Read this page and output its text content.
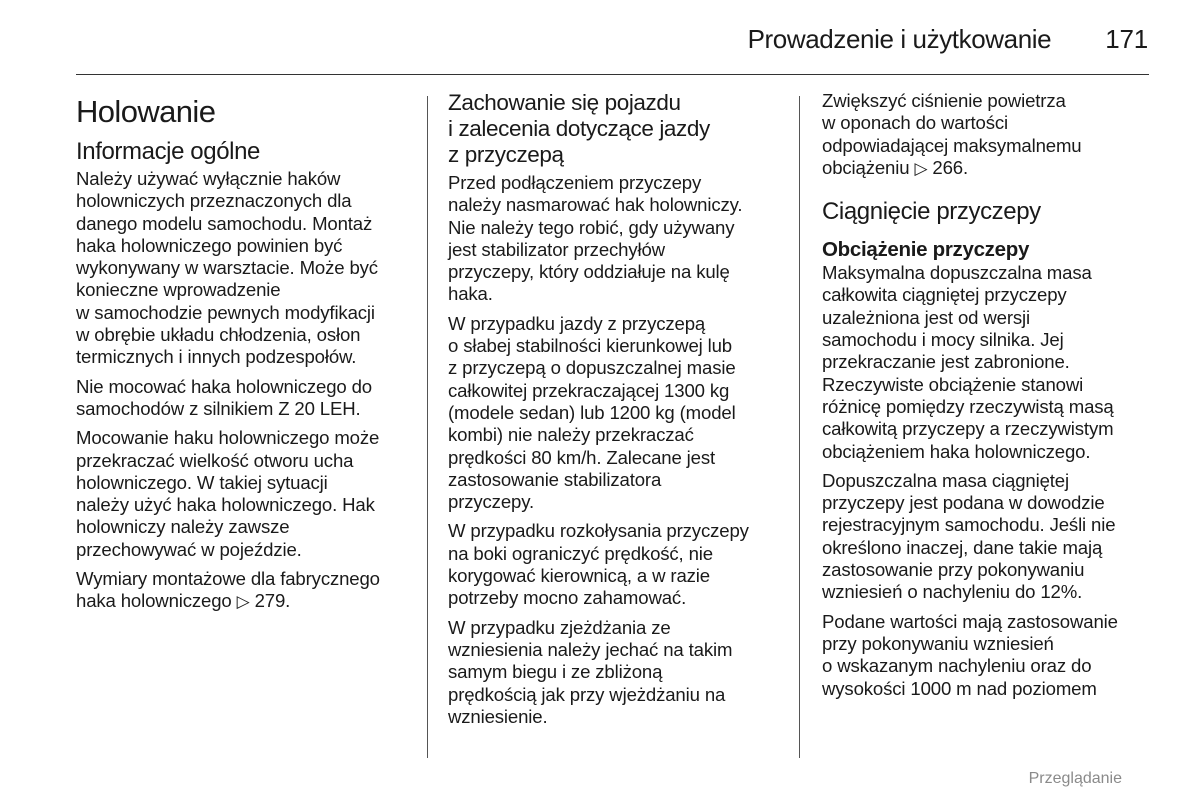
Prowadzenie i użytkowanie 171
Holowanie
Informacje ogólne
Należy używać wyłącznie haków
holowniczych przeznaczonych dla
danego modelu samochodu. Montaż
haka holowniczego powinien być
wykonywany w warsztacie. Może być
konieczne wprowadzenie
w samochodzie pewnych modyfikacji
w obrębie układu chłodzenia, osłon
termicznych i innych podzespołów.
Nie mocować haka holowniczego do
samochodów z silnikiem Z 20 LEH.
Mocowanie haku holowniczego może
przekraczać wielkość otworu ucha
holowniczego. W takiej sytuacji
należy użyć haka holowniczego. Hak
holowniczy należy zawsze
przechowywać w pojeździe.
Wymiary montażowe dla fabrycznego
haka holowniczego ▷ 279.
Zachowanie się pojazdu
i zalecenia dotyczące jazdy
z przyczepą
Przed podłączeniem przyczepy
należy nasmarować hak holowniczy.
Nie należy tego robić, gdy używany
jest stabilizator przechyłów
przyczepy, który oddziałuje na kulę
haka.
W przypadku jazdy z przyczepą
o słabej stabilności kierunkowej lub
z przyczepą o dopuszczalnej masie
całkowitej przekraczającej 1300 kg
(modele sedan) lub 1200 kg (model
kombi) nie należy przekraczać
prędkości 80 km/h. Zalecane jest
zastosowanie stabilizatora
przyczepy.
W przypadku rozkołysania przyczepy
na boki ograniczyć prędkość, nie
korygować kierownicą, a w razie
potrzeby mocno zahamować.
W przypadku zjeżdżania ze
wzniesienia należy jechać na takim
samym biegu i ze zbliżoną
prędkością jak przy wjeżdżaniu na
wzniesienie.
Zwiększyć ciśnienie powietrza
w oponach do wartości
odpowiadającej maksymalnemu
obciążeniu ▷ 266.
Ciągnięcie przyczepy
Obciążenie przyczepy
Maksymalna dopuszczalna masa
całkowita ciągniętej przyczepy
uzależniona jest od wersji
samochodu i mocy silnika. Jej
przekraczanie jest zabronione.
Rzeczywiste obciążenie stanowi
różnicę pomiędzy rzeczywistą masą
całkowitą przyczepy a rzeczywistym
obciążeniem haka holowniczego.
Dopuszczalna masa ciągniętej
przyczepy jest podana w dowodzie
rejestracyjnym samochodu. Jeśli nie
określono inaczej, dane takie mają
zastosowanie przy pokonywaniu
wzniesień o nachyleniu do 12%.
Podane wartości mają zastosowanie
przy pokonywaniu wzniesień
o wskazanym nachyleniu oraz do
wysokości 1000 m nad poziomem
Przeglądanie
